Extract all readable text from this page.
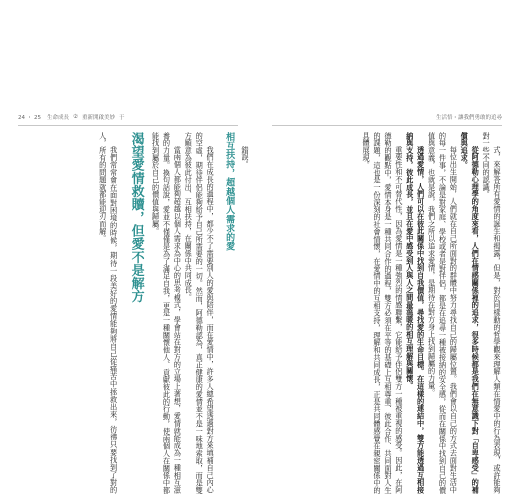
24 ・ 25 生命成長 ② 重新開啟美妙 于	生活悟・讓我們勇敢的追尋

式，來解答所有愛情的誕生和揭露，但是，對於同樣動的哲學觀來理解人類在情愛中的行為表現，或許能夠對一些不同的認識。

從阿德勒心理學的角度來看，人們在情感關係裡的追求，很多時候都是我們在無意識下對「自卑感受」的補償與追求。

每位出生開始，人們就在自己所面對的群體中努力尋找自己的歸屬位置。我們會以自己的方式去面對生活中的每一件事，不論是對家庭、學校或者是對伴侶，都是在追尋一種被接納的安全感，從而在關係中找到自己的價值與意義，也就是說，我們之所以追求愛情，是期待在對方身上找到歸屬的力量。

透過愛情，人們可以在彼此關係中找到自我價值，尋找愛的生命目標。在這樣的連結中，雙方能透過互相接納與支持，彼此成長，並且在愛中感受到人與人之間最溫暖的相互理解與關懷。

重要性和不可替代性，因為愛情是一種強烈的情感聯繫，它能給予伴侶雙方一種被重視的感受。因此，在阿德勒的觀點中，愛情本身是一種共同合作的過程，雙方必須在平等的基礎上互相尊重、彼此合作、共同面對人生的課題，這也是一份深刻的社會情懷，在愛情中的互相支持，理解和共同成長，正是共同體感覺在親密關係中的具體展現。

錯誤。

相互扶持，超越個人需求的愛

我們在成長的過程中，都少不了需要別人的愛與陪伴，而在愛情中，許多人總希望透過對方來填補自己內心的空虛，期待伴侶能夠給予自己所需要的一切。然而，阿德勒認為，真正健康的愛情並不是一味地索取，而是雙方願意為彼此付出、互相扶持，在關係中共同成長。

當兩個人都能夠超越以個人需求為中心的思考模式，學會站在對方的立場上著想，愛情就能成為一種相互滋養的力量。換句話說，愛並不僅僅是為了滿足自我，更是一種關懷他人、貢獻彼此的行動，使兩個人在關係中都能找到屬於自己的價值與歸屬。

渴望愛情救贖，但愛不是解方

我們常常會在面對困境的時候，期待一段美好的愛情能夠將自己從痛苦中拯救出來，彷彿只要找到了對的人，所有的問題就都能迎刃而解。
